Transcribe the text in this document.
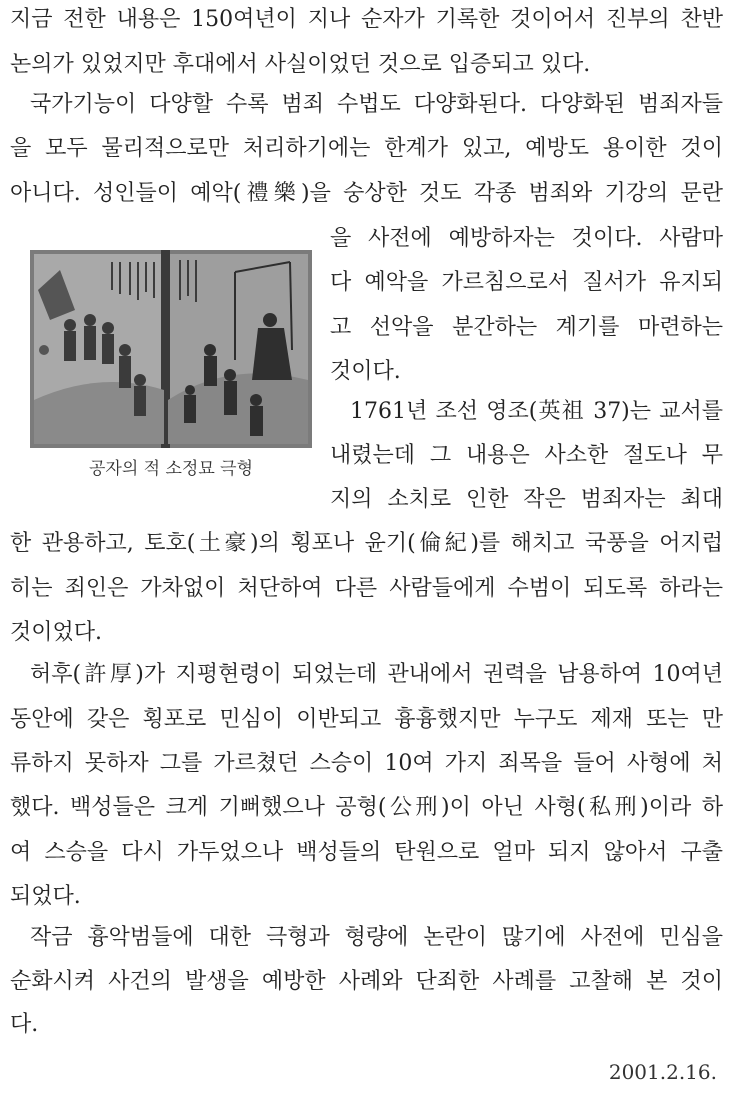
지금 전한 내용은 150여년이 지나 순자가 기록한 것이어서 진부의 찬반
논의가 있었지만 후대에서 사실이었던 것으로 입증되고 있다.
국가기능이 다양할 수록 범죄 수법도 다양화된다. 다양화된 범죄자들
을 모두 물리적으로만 처리하기에는 한계가 있고, 예방도 용이한 것이
아니다. 성인들이 예악(禮樂)을 숭상한 것도 각종 범죄와 기강의 문란
을 사전에 예방하자는 것이다. 사람마
다 예악을 가르침으로서 질서가 유지되
고 선악을 분간하는 계기를 마련하는
것이다.
1761년 조선 영조(英祖 37)는 교서를
내렸는데 그 내용은 사소한 절도나 무
지의 소치로 인한 작은 범죄자는 최대
한 관용하고, 토호(土豪)의 횡포나 윤기(倫紀)를 해치고 국풍을 어지럽
히는 죄인은 가차없이 처단하여 다른 사람들에게 수범이 되도록 하라는
것이었다.
허후(許厚)가 지평현령이 되었는데 관내에서 권력을 남용하여 10여년
동안에 갖은 횡포로 민심이 이반되고 흉흉했지만 누구도 제재 또는 만
류하지 못하자 그를 가르쳤던 스승이 10여 가지 죄목을 들어 사형에 처
했다. 백성들은 크게 기뻐했으나 공형(公刑)이 아닌 사형(私刑)이라 하
여 스승을 다시 가두었으나 백성들의 탄원으로 얼마 되지 않아서 구출
되었다.
작금 흉악범들에 대한 극형과 형량에 논란이 많기에 사전에 민심을
순화시켜 사건의 발생을 예방한 사례와 단죄한 사례를 고찰해 본 것이
다.
공자의 적 소정묘 극형
2001.2.16.
